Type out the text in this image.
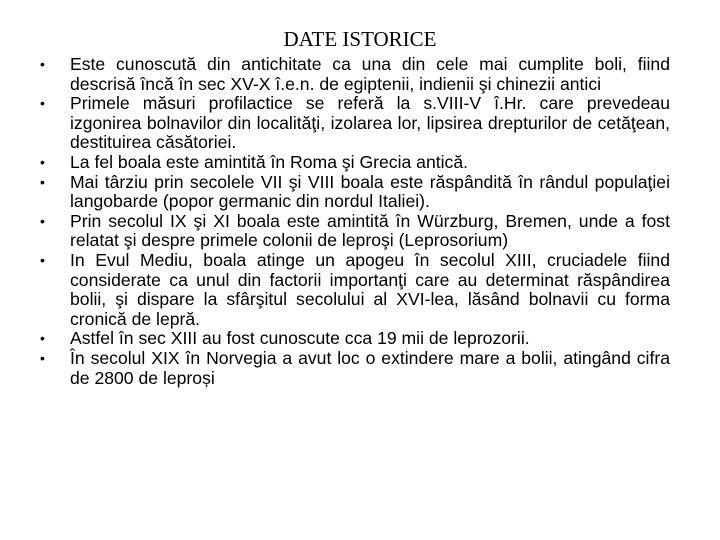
DATE ISTORICE
•	Este cunoscută din antichitate ca una din cele mai cumplite boli, fiind descrisă încă în sec XV-X î.e.n. de egiptenii, indienii şi chinezii antici
•	Primele măsuri profilactice se referă la s.VIII-V î.Hr. care prevedeau izgonirea bolnavilor din localităţi, izolarea lor, lipsirea drepturilor de cetăţean, destituirea căsătoriei.
•	La fel boala este amintită în Roma şi Grecia antică.
•	Mai târziu prin secolele VII şi VIII boala este răspândită în rândul populaţiei langobarde (popor germanic din nordul Italiei).
•	Prin secolul IX şi XI boala este amintită în Würzburg, Bremen, unde a fost relatat şi despre primele colonii de leproşi (Leprosorium)
•	In Evul Mediu, boala atinge un apogeu în secolul XIII, cruciadele fiind considerate ca unul din factorii importanţi care au determinat răspândirea bolii, şi dispare la sfârşitul secolului al XVI-lea, lăsând bolnavii cu forma cronică de lepră.
•	Astfel în sec XIII au fost cunoscute cca 19 mii de leprozorii.
•	În secolul XIX în Norvegia a avut loc o extindere mare a bolii, atingând cifra de 2800 de leproși
